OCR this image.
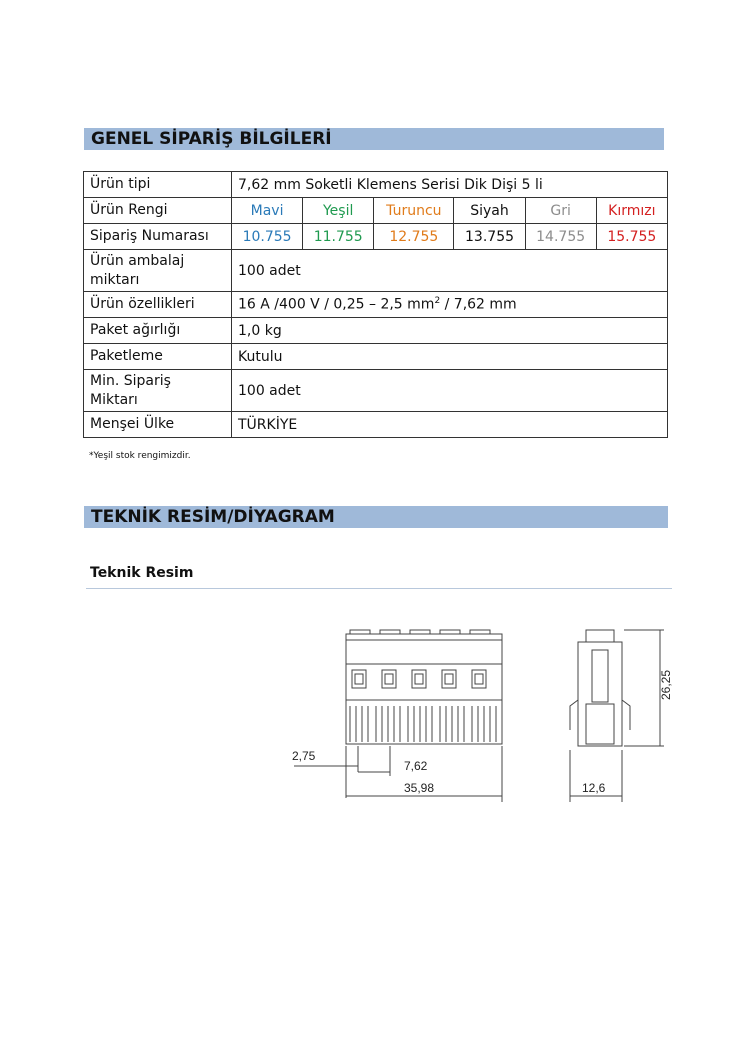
GENEL SİPARİŞ BİLGİLERİ
Ürün tipi	7,62 mm Soketli Klemens Serisi Dik Dişi 5 li					
Ürün Rengi	Mavi	Yeşil	Turuncu	Siyah	Gri	Kırmızı
Sipariş Numarası	10.755	11.755	12.755	13.755	14.755	15.755
Ürün ambalaj
miktarı	100 adet					
Ürün özellikleri	16 A /400 V / 0,25 – 2,5 $mm^2 / 7,62$ mm					
Paket ağırlığı	1,0 kg					
Paketleme	Kutulu					
Min. Sipariş
Miktarı	100 adet					
Menşei Ülke	TÜRKİYE					
*Yeşil stok rengimizdir.
TEKNİK RESİM/DİYAGRAM
Teknik Resim
2,75
7,62
35,98
26,25
12,6
